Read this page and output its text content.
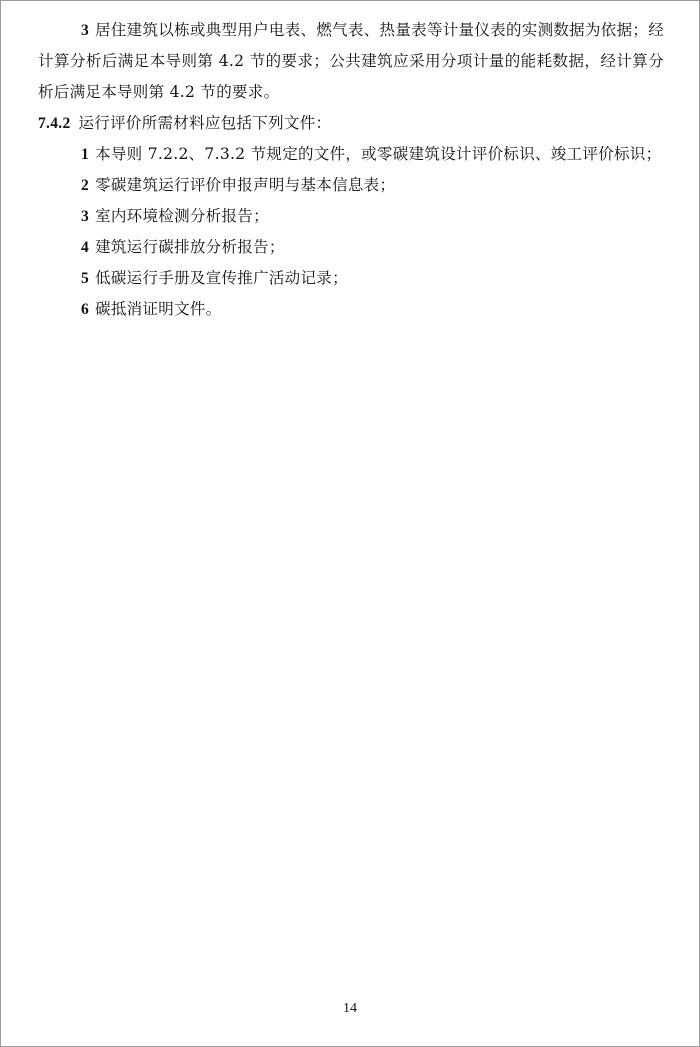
3 居住建筑以栋或典型用户电表、燃气表、热量表等计量仪表的实测数据为依据；经计算分析后满足本导则第 4.2 节的要求；公共建筑应采用分项计量的能耗数据，经计算分析后满足本导则第 4.2 节的要求。

7.4.2 运行评价所需材料应包括下列文件：

1 本导则 7.2.2、7.3.2 节规定的文件，或零碳建筑设计评价标识、竣工评价标识；

2 零碳建筑运行评价申报声明与基本信息表；

3 室内环境检测分析报告；

4 建筑运行碳排放分析报告；

5 低碳运行手册及宣传推广活动记录；

6 碳抵消证明文件。

14
